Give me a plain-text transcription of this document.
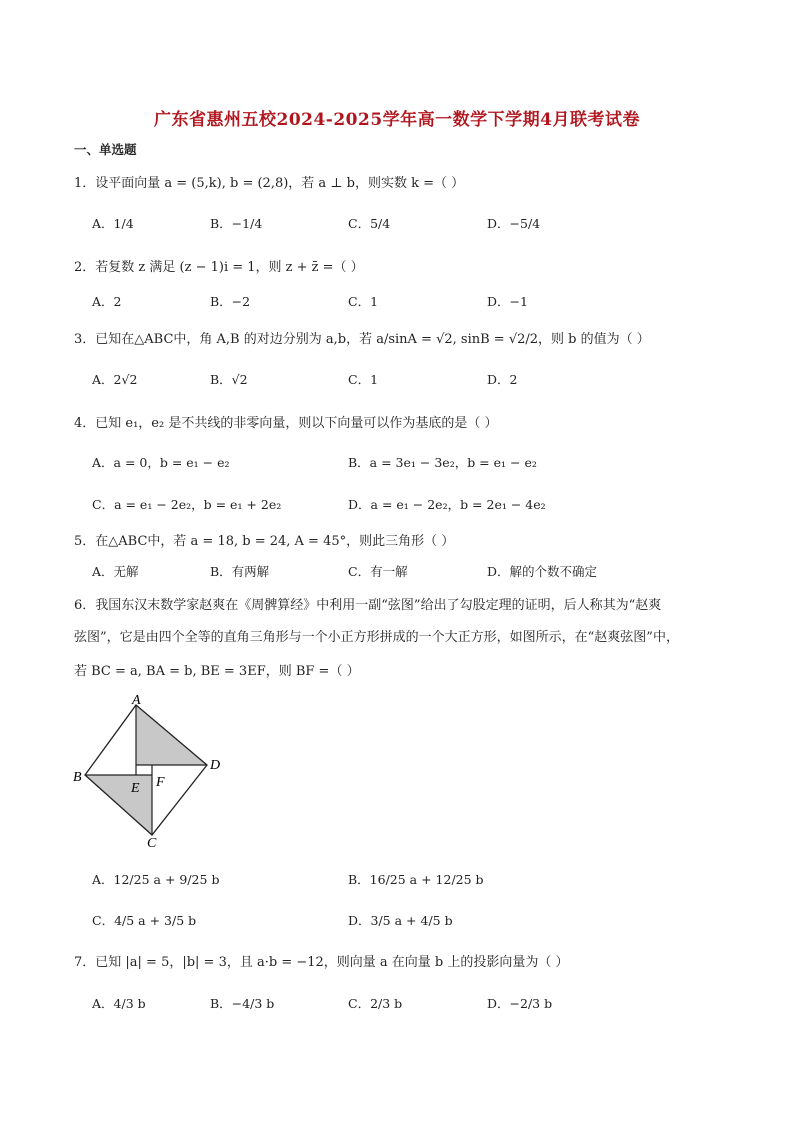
广东省惠州五校2024-2025学年高一数学下学期4月联考试卷
一、单选题
1．设平面向量 a = (5,k), b = (2,8)，若 a ⊥ b，则实数 k =（ ）
A．1/4	B．−1/4	C．5/4	D．−5/4
2．若复数 z 满足 (z − 1)i = 1，则 z + z̄ =（ ）
A．2	B．−2	C．1	D．−1
3．已知在△ABC中，角 A,B 的对边分别为 a,b，若 a/sinA = √2, sinB = √2/2，则 b 的值为（ ）
A．2√2	B．√2	C．1	D．2
4．已知 e₁，e₂ 是不共线的非零向量，则以下向量可以作为基底的是（ ）
A．a = 0，b = e₁ − e₂	B．a = 3e₁ − 3e₂，b = e₁ − e₂
C．a = e₁ − 2e₂，b = e₁ + 2e₂	D．a = e₁ − 2e₂，b = 2e₁ − 4e₂
5．在△ABC中，若 a = 18, b = 24, A = 45°，则此三角形（ ）
A．无解	B．有两解	C．有一解	D．解的个数不确定
6．我国东汉末数学家赵爽在《周髀算经》中利用一副“弦图”给出了勾股定理的证明，后人称其为“赵爽
弦图”，它是由四个全等的直角三角形与一个小正方形拼成的一个大正方形，如图所示，在“赵爽弦图”中，
若 BC = a, BA = b, BE = 3EF，则 BF =（ ）
A
D
C
B
E F
A．12/25 a + 9/25 b	B．16/25 a + 12/25 b
C．4/5 a + 3/5 b	D．3/5 a + 4/5 b
7．已知 |a| = 5，|b| = 3，且 a·b = −12，则向量 a 在向量 b 上的投影向量为（ ）
A．4/3 b	B．−4/3 b	C．2/3 b	D．−2/3 b
